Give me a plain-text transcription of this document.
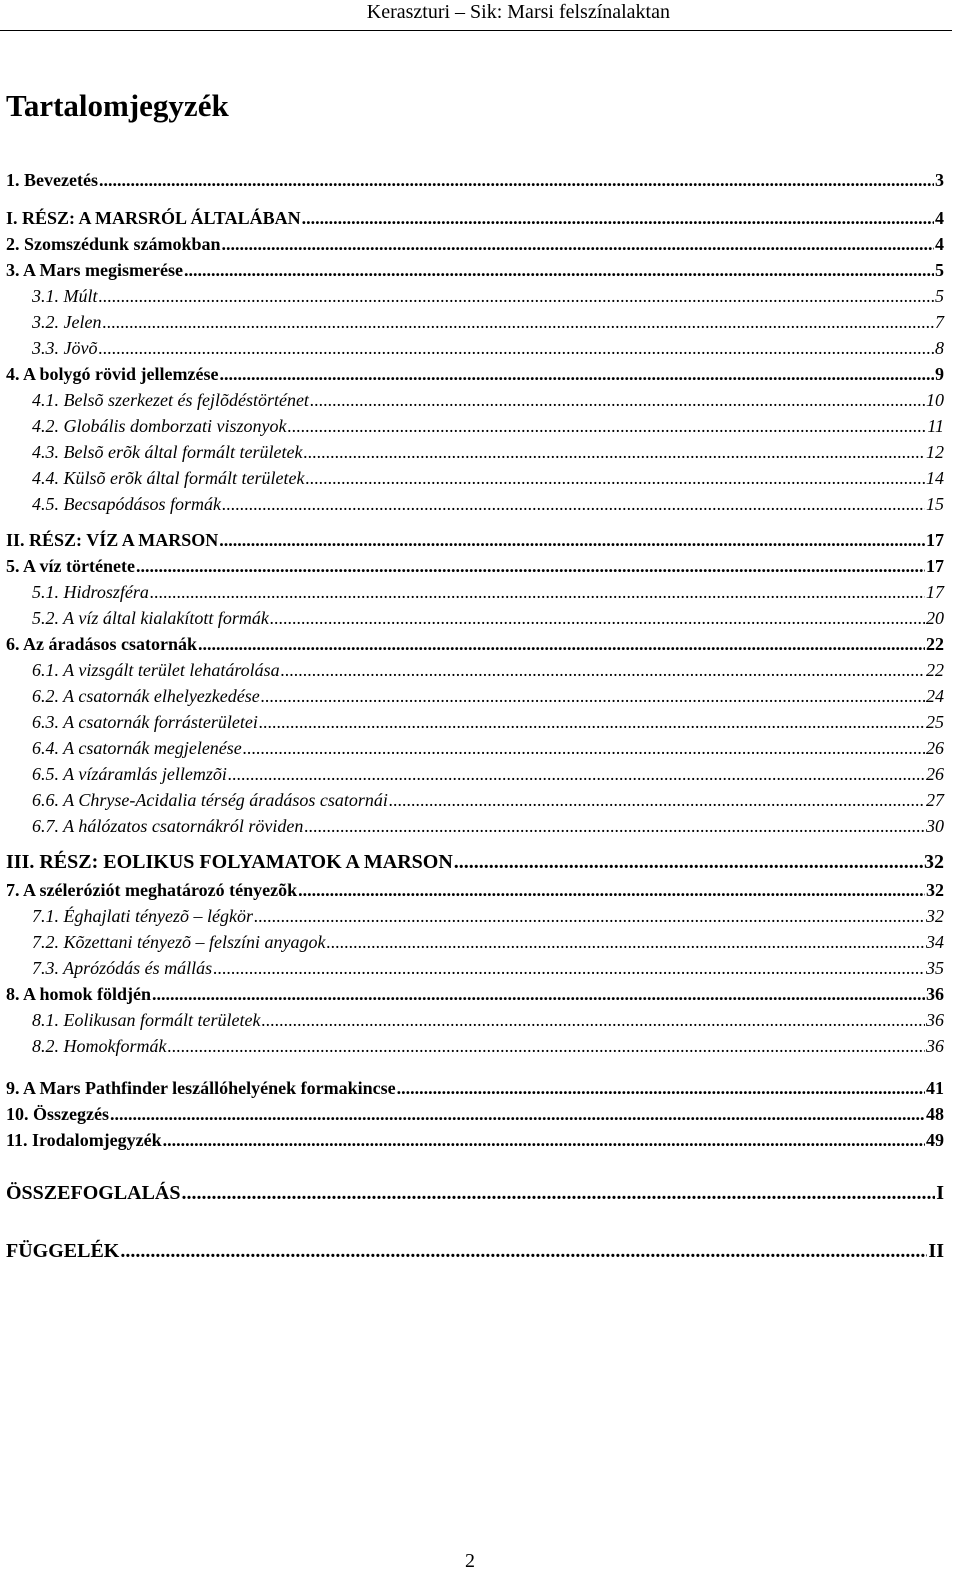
Keraszturi – Sik: Marsi felszínalaktan
Tartalomjegyzék
1. Bevezetés .....	3
I. RÉSZ: A MARSRÓL ÁLTALÁBAN .....	4
2. Szomszédunk számokban .....	4
3. A Mars megismerése .....	5
3.1. Múlt .....	5
3.2. Jelen .....	7
3.3. Jövõ .....	8
4. A bolygó rövid jellemzése .....	9
4.1. Belsõ szerkezet és fejlõdéstörténet .....	10
4.2. Globális domborzati viszonyok .....	11
4.3. Belsõ erõk által formált területek .....	12
4.4. Külsõ erõk által formált területek .....	14
4.5. Becsapódásos formák .....	15
II. RÉSZ: VÍZ A MARSON .....	17
5. A víz története .....	17
5.1. Hidroszféra .....	17
5.2. A víz által kialakított formák .....	20
6. Az áradásos csatornák .....	22
6.1. A vizsgált terület lehatárolása .....	22
6.2. A csatornák elhelyezkedése .....	24
6.3. A csatornák forrásterületei .....	25
6.4. A csatornák megjelenése .....	26
6.5. A vízáramlás jellemzõi .....	26
6.6. A Chryse-Acidalia térség áradásos csatornái .....	27
6.7. A hálózatos csatornákról röviden .....	30
III. RÉSZ: EOLIKUS FOLYAMATOK A MARSON .....	32
7. A széleróziót meghatározó tényezõk .....	32
7.1. Éghajlati tényezõ – légkör .....	32
7.2. Kõzettani tényezõ – felszíni anyagok .....	34
7.3. Aprózódás és mállás .....	35
8. A homok földjén .....	36
8.1. Eolikusan formált területek .....	36
8.2. Homokformák .....	36
9. A Mars Pathfinder leszállóhelyének formakincse .....	41
10. Összegzés .....	48
11. Irodalomjegyzék .....	49
ÖSSZEFOGLALÁS .....	I
FÜGGELÉK .....	II
2
